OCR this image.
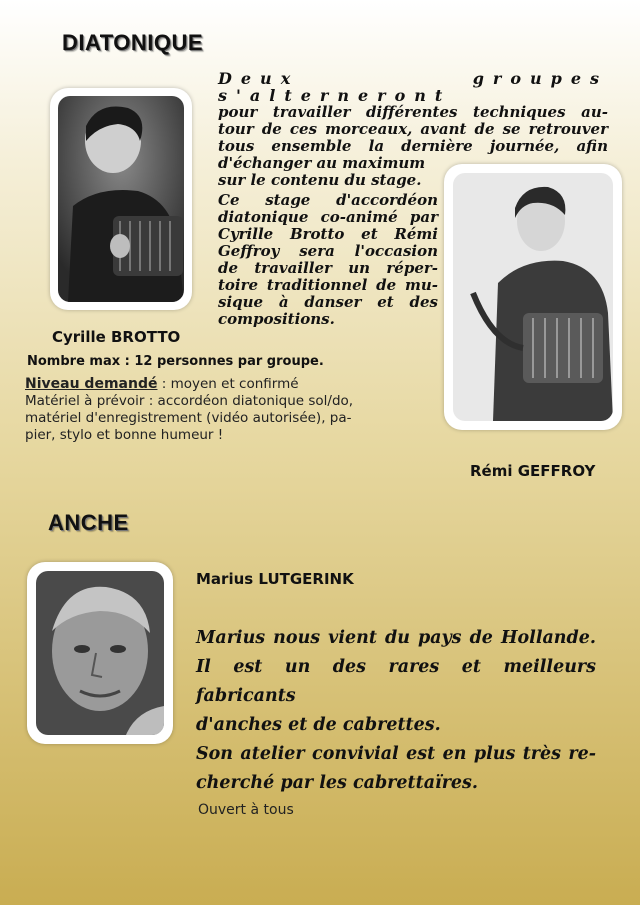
DIATONIQUE
Deux groupes s'alterneront
pour travailler différentes techniques au-
tour de ces morceaux, avant de se retrouver
tous ensemble la dernière journée, afin
d'échanger au maximum
sur le contenu du stage.
Ce stage d'accordéon
diatonique co-animé par
Cyrille Brotto et Rémi
Geffroy sera l'occasion
de travailler un réper-
toire traditionnel de mu-
sique à danser et des
compositions.
Cyrille BROTTO
Rémi GEFFROY
Nombre max : 12 personnes par groupe.
Niveau demandé : moyen et confirmé
Matériel à prévoir : accordéon diatonique sol/do,
matériel d'enregistrement (vidéo autorisée), pa-
pier, stylo et bonne humeur !
ANCHE
Marius LUTGERINK
Marius nous vient du pays de Hollande.
Il est un des rares et meilleurs fabricants
d'anches et de cabrettes.
Son atelier convivial est en plus très re-
cherché par les cabrettaïres.
Ouvert à tous
